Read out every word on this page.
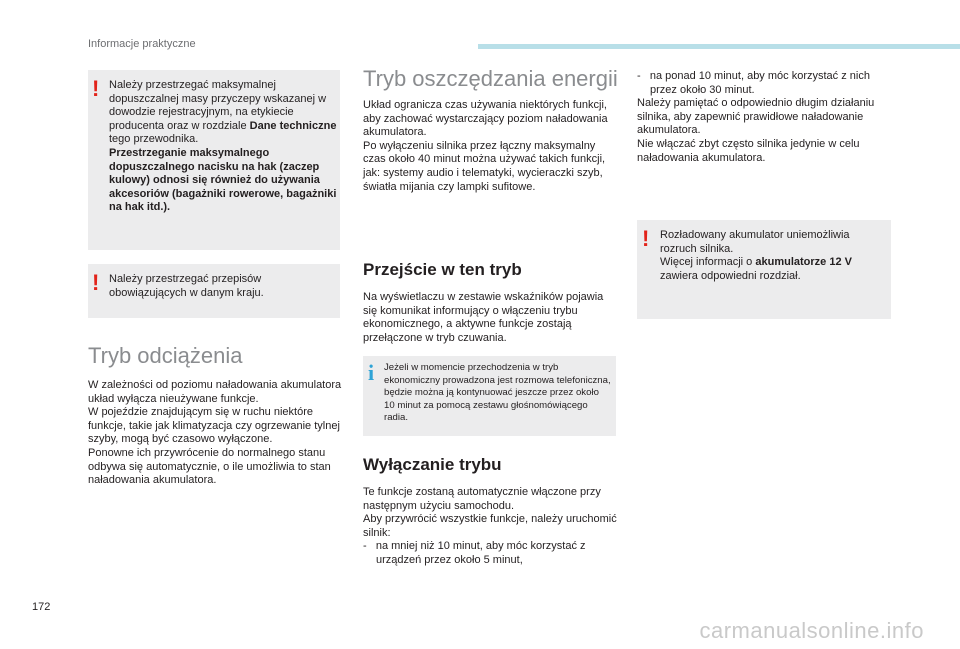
Informacje praktyczne
! Należy przestrzegać maksymalnej dopuszczalnej masy przyczepy wskazanej w dowodzie rejestracyjnym, na etykiecie producenta oraz w rozdziale Dane techniczne tego przewodnika.

Przestrzeganie maksymalnego dopuszczalnego nacisku na hak (zaczep kulowy) odnosi się również do używania akcesoriów (bagażniki rowerowe, bagażniki na hak itd.).

! Należy przestrzegać przepisów obowiązujących w danym kraju.
Tryb odciążenia

W zależności od poziomu naładowania akumulatora układ wyłącza nieużywane funkcje.

W pojeździe znajdującym się w ruchu niektóre funkcje, takie jak klimatyzacja czy ogrzewanie tylnej szyby, mogą być czasowo wyłączone.

Ponowne ich przywrócenie do normalnego stanu odbywa się automatycznie, o ile umożliwia to stan naładowania akumulatora.

Tryb oszczędzania energii

Układ ogranicza czas używania niektórych funkcji, aby zachować wystarczający poziom naładowania akumulatora.

Po wyłączeniu silnika przez łączny maksymalny czas około 40 minut można używać takich funkcji, jak: systemy audio i telematyki, wycieraczki szyb, światła mijania czy lampki sufitowe.

Przejście w ten tryb
Na wyświetlaczu w zestawie wskaźników pojawia się komunikat informujący o włączeniu trybu ekonomicznego, a aktywne funkcje zostają przełączone w tryb czuwania.
i Jeżeli w momencie przechodzenia w tryb ekonomiczny prowadzona jest rozmowa telefoniczna, będzie można ją kontynuować jeszcze przez około 10 minut za pomocą zestawu głośnomówiącego radia.
Wyłączanie trybu

Te funkcje zostaną automatycznie włączone przy następnym użyciu samochodu.

Aby przywrócić wszystkie funkcje, należy uruchomić silnik:

-   na mniej niż 10 minut, aby móc korzystać z urządzeń przez około 5 minut,

-   na ponad 10 minut, aby móc korzystać z nich przez około 30 minut.

Należy pamiętać o odpowiednio długim działaniu silnika, aby zapewnić prawidłowe naładowanie akumulatora.

Nie włączać zbyt często silnika jedynie w celu naładowania akumulatora.

! Rozładowany akumulator uniemożliwia rozruch silnika.

Więcej informacji o akumulatorze 12 V zawiera odpowiedni rozdział.

172
carmanualsonline.info
